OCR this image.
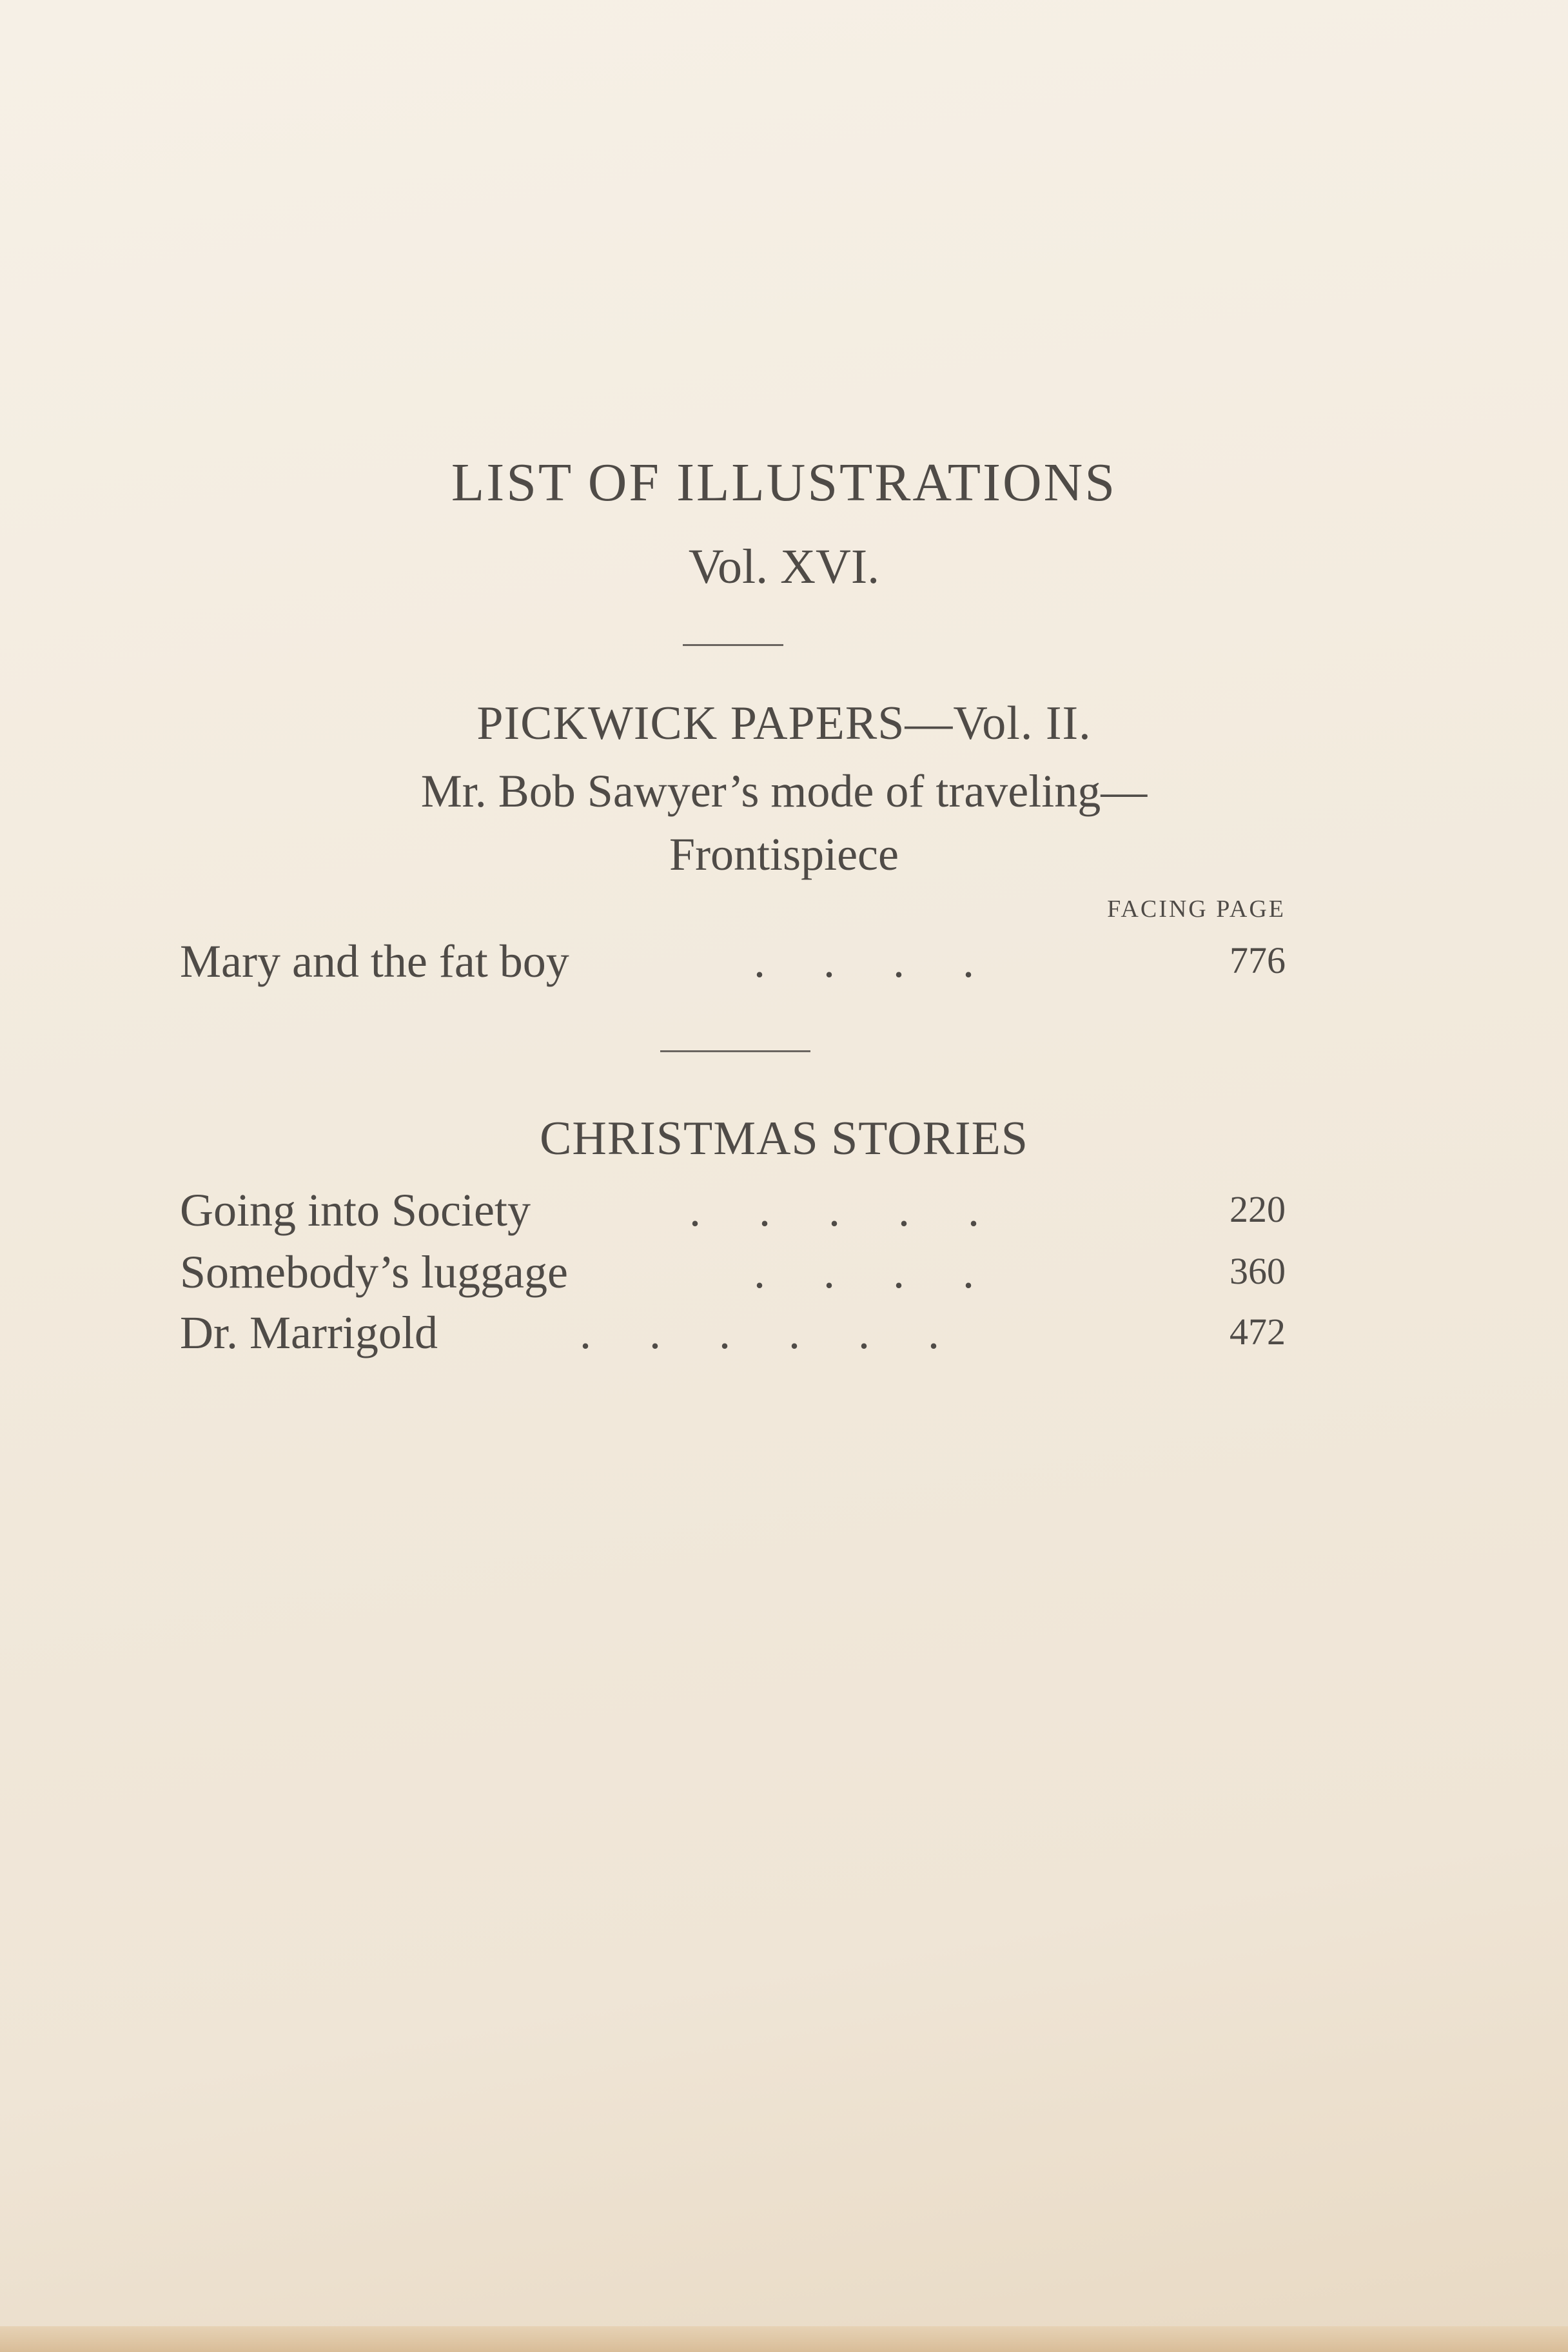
LIST OF ILLUSTRATIONS
Vol. XVI.
PICKWICK PAPERS—Vol. II.
Mr. Bob Sawyer’s mode of traveling—
Frontispiece
FACING PAGE
Mary and the fat boy	.     .     .     .	776
CHRISTMAS STORIES
Going into Society	.     .     .     .     .	220
Somebody’s luggage	.     .     .     .	360
Dr. Marrigold	.     .     .     .     .     .	472
